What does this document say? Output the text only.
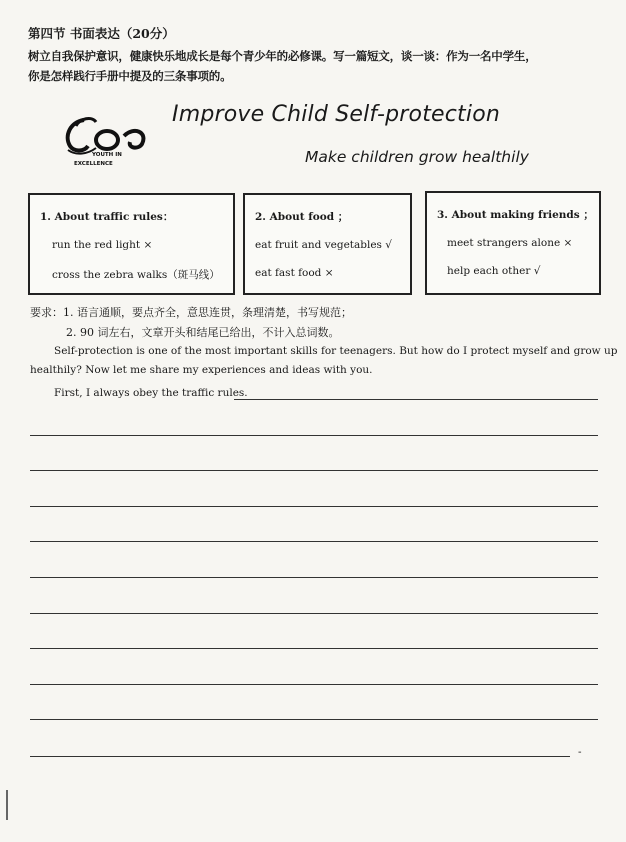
第四节 书面表达（20分）
树立自我保护意识，健康快乐地成长是每个青少年的必修课。写一篇短文，谈一谈：作为一名中学生，
你是怎样践行手册中提及的三条事项的。
YOUTH IN
EXCELLENCE
Improve Child Self-protection
Make children grow healthily
1. About traffic rules：
run the red light ×
cross the zebra walks（斑马线）
2. About food ；
eat fruit and vegetables √
eat fast food ×
3. About making friends ；
meet strangers alone ×
help each other √
要求：1. 语言通顺，要点齐全，意思连贯，条理清楚，书写规范；
2. 90 词左右，文章开头和结尾已给出，不计入总词数。
Self-protection is one of the most important skills for teenagers. But how do I protect myself and grow up
healthily? Now let me share my experiences and ideas with you.
First, I always obey the traffic rules.
-
